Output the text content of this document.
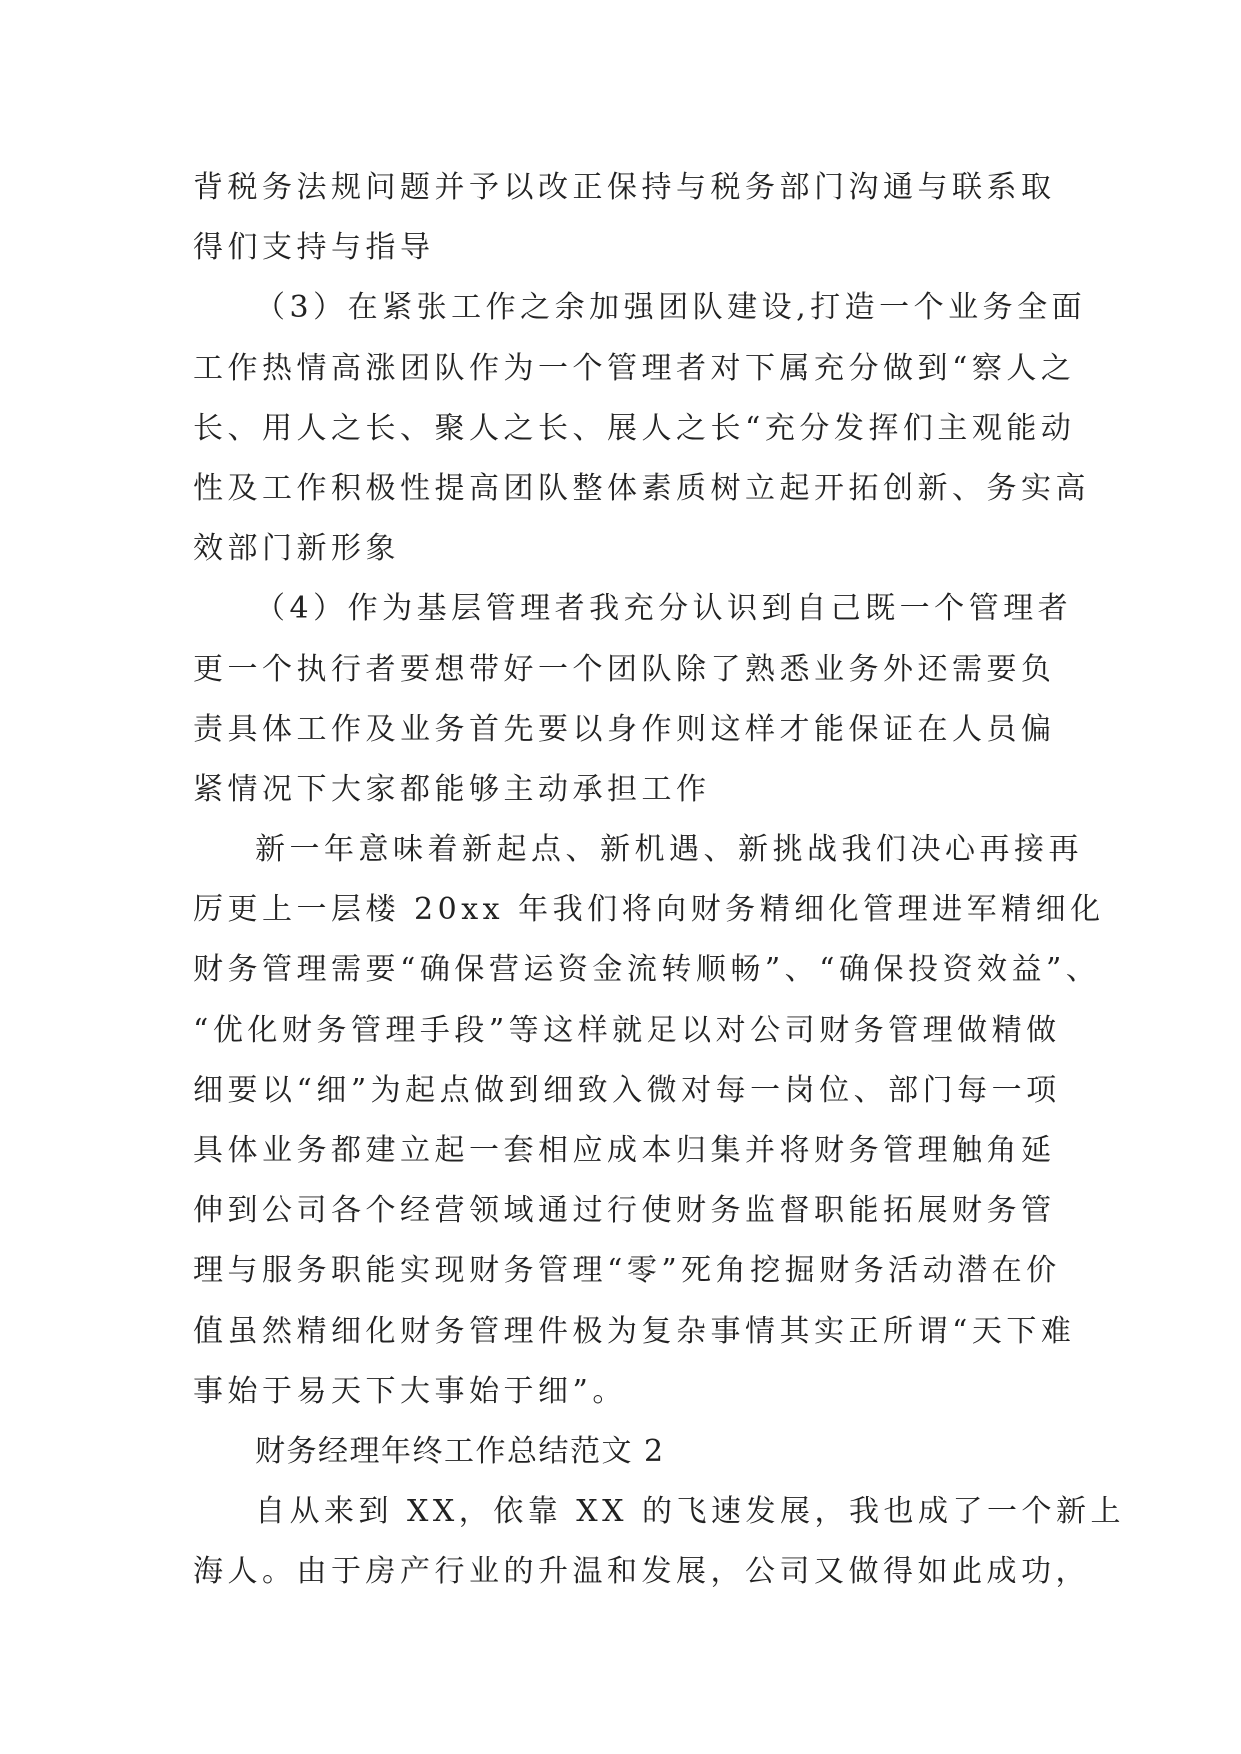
背税务法规问题并予以改正保持与税务部门沟通与联系取
得们支持与指导
（3）在紧张工作之余加强团队建设,打造一个业务全面
工作热情高涨团队作为一个管理者对下属充分做到“察人之
长、用人之长、聚人之长、展人之长“充分发挥们主观能动
性及工作积极性提高团队整体素质树立起开拓创新、务实高
效部门新形象
（4）作为基层管理者我充分认识到自己既一个管理者
更一个执行者要想带好一个团队除了熟悉业务外还需要负
责具体工作及业务首先要以身作则这样才能保证在人员偏
紧情况下大家都能够主动承担工作
新一年意味着新起点、新机遇、新挑战我们决心再接再
厉更上一层楼 20xx 年我们将向财务精细化管理进军精细化
财务管理需要“确保营运资金流转顺畅”、“确保投资效益”、
“优化财务管理手段”等这样就足以对公司财务管理做精做
细要以“细”为起点做到细致入微对每一岗位、部门每一项
具体业务都建立起一套相应成本归集并将财务管理触角延
伸到公司各个经营领域通过行使财务监督职能拓展财务管
理与服务职能实现财务管理“零”死角挖掘财务活动潜在价
值虽然精细化财务管理件极为复杂事情其实正所谓“天下难
事始于易天下大事始于细”。
财务经理年终工作总结范文 2
自从来到 XX，依靠 XX 的飞速发展，我也成了一个新上
海人。由于房产行业的升温和发展，公司又做得如此成功，
